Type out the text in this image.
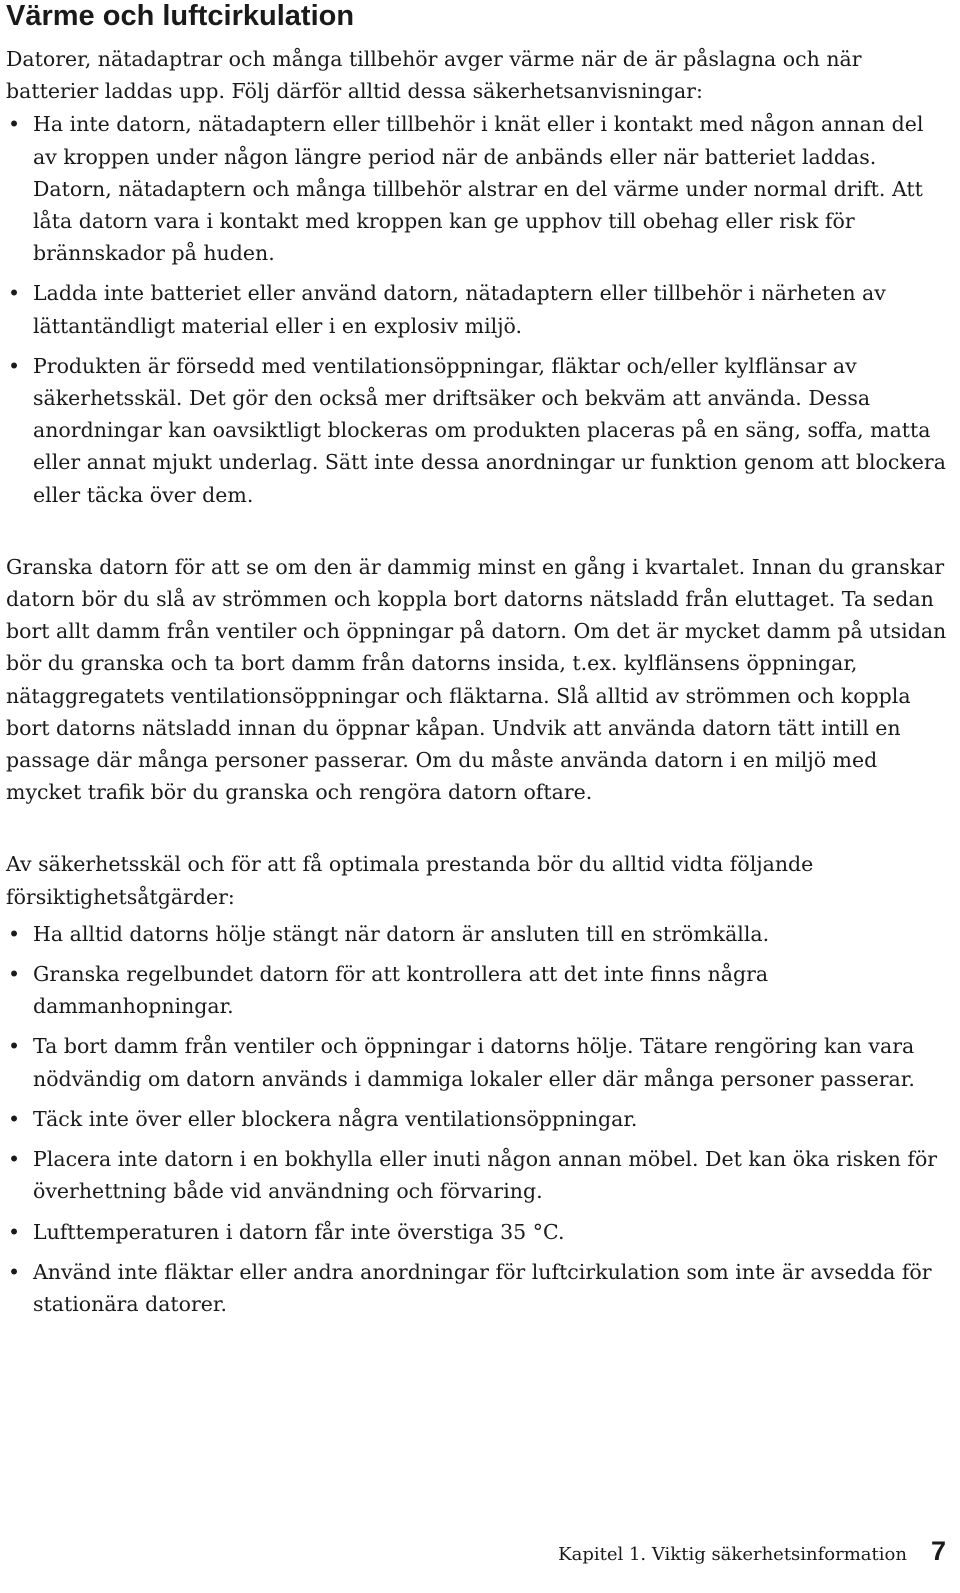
Värme och luftcirkulation

Datorer, nätadaptrar och många tillbehör avger värme när de är påslagna och när batterier laddas upp. Följ därför alltid dessa säkerhetsanvisningar:

• Ha inte datorn, nätadaptern eller tillbehör i knät eller i kontakt med någon annan del av kroppen under någon längre period när de anbänds eller när batteriet laddas. Datorn, nätadaptern och många tillbehör alstrar en del värme under normal drift. Att låta datorn vara i kontakt med kroppen kan ge upphov till obehag eller risk för brännskador på huden.
• Ladda inte batteriet eller använd datorn, nätadaptern eller tillbehör i närheten av lättantändligt material eller i en explosiv miljö.
• Produkten är försedd med ventilationsöppningar, fläktar och/eller kylflänsar av säkerhetsskäl. Det gör den också mer driftsäker och bekväm att använda. Dessa anordningar kan oavsiktligt blockeras om produkten placeras på en säng, soffa, matta eller annat mjukt underlag. Sätt inte dessa anordningar ur funktion genom att blockera eller täcka över dem.

Granska datorn för att se om den är dammig minst en gång i kvartalet. Innan du granskar datorn bör du slå av strömmen och koppla bort datorns nätsladd från eluttaget. Ta sedan bort allt damm från ventiler och öppningar på datorn. Om det är mycket damm på utsidan bör du granska och ta bort damm från datorns insida, t.ex. kylflänsens öppningar, nätaggregatets ventilationsöppningar och fläktarna. Slå alltid av strömmen och koppla bort datorns nätsladd innan du öppnar kåpan. Undvik att använda datorn tätt intill en passage där många personer passerar. Om du måste använda datorn i en miljö med mycket trafik bör du granska och rengöra datorn oftare.

Av säkerhetsskäl och för att få optimala prestanda bör du alltid vidta följande försiktighetsåtgärder:

• Ha alltid datorns hölje stängt när datorn är ansluten till en strömkälla.
• Granska regelbundet datorn för att kontrollera att det inte finns några dammanhopningar.
• Ta bort damm från ventiler och öppningar i datorns hölje. Tätare rengöring kan vara nödvändig om datorn används i dammiga lokaler eller där många personer passerar.
• Täck inte över eller blockera några ventilationsöppningar.
• Placera inte datorn i en bokhylla eller inuti någon annan möbel. Det kan öka risken för överhettning både vid användning och förvaring.
• Lufttemperaturen i datorn får inte överstiga 35 °C.
• Använd inte fläktar eller andra anordningar för luftcirkulation som inte är avsedda för stationära datorer.
Kapitel 1. Viktig säkerhetsinformation 7
